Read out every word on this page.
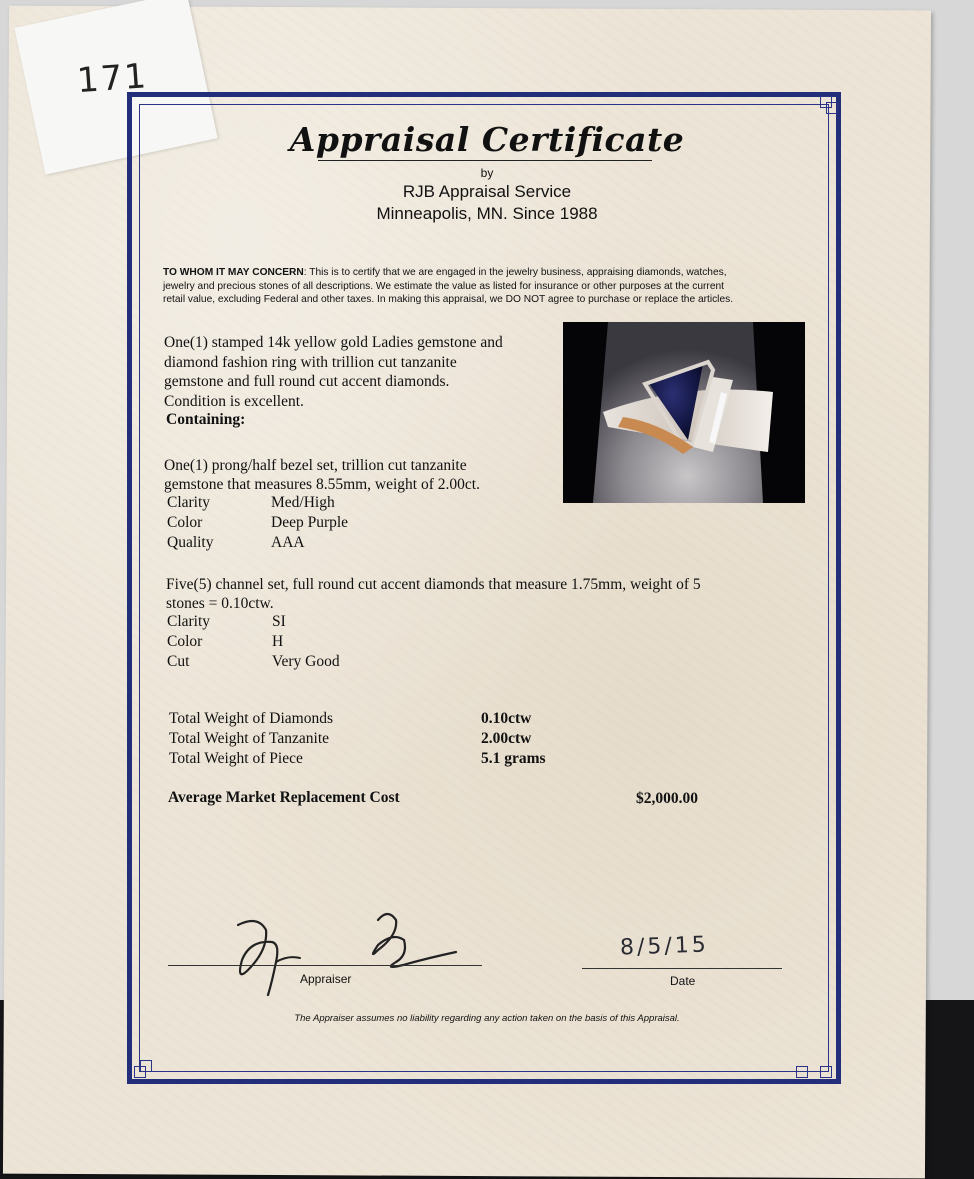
171
Appraisal Certificate
by
RJB Appraisal Service
Minneapolis, MN. Since 1988
TO WHOM IT MAY CONCERN: This is to certify that we are engaged in the jewelry business, appraising diamonds, watches,
jewelry and precious stones of all descriptions. We estimate the value as listed for insurance or other purposes at the current
retail value, excluding Federal and other taxes. In making this appraisal, we DO NOT agree to purchase or replace the articles.
One(1) stamped 14k yellow gold Ladies gemstone and
diamond fashion ring with trillion cut tanzanite
gemstone and full round cut accent diamonds.
Condition is excellent.
Containing:
One(1) prong/half bezel set, trillion cut tanzanite
gemstone that measures 8.55mm, weight of 2.00ct.
Clarity	Med/High
Color	Deep Purple
Quality	AAA
Five(5) channel set, full round cut accent diamonds that measure 1.75mm, weight of 5
stones = 0.10ctw.
Clarity	SI
Color	H
Cut	Very Good
Total Weight of Diamonds	0.10ctw
Total Weight of Tanzanite	2.00ctw
Total Weight of Piece	5.1 grams
Average Market Replacement Cost	$2,000.00
Appraiser
8/5/15
Date
The Appraiser assumes no liability regarding any action taken on the basis of this Appraisal.
